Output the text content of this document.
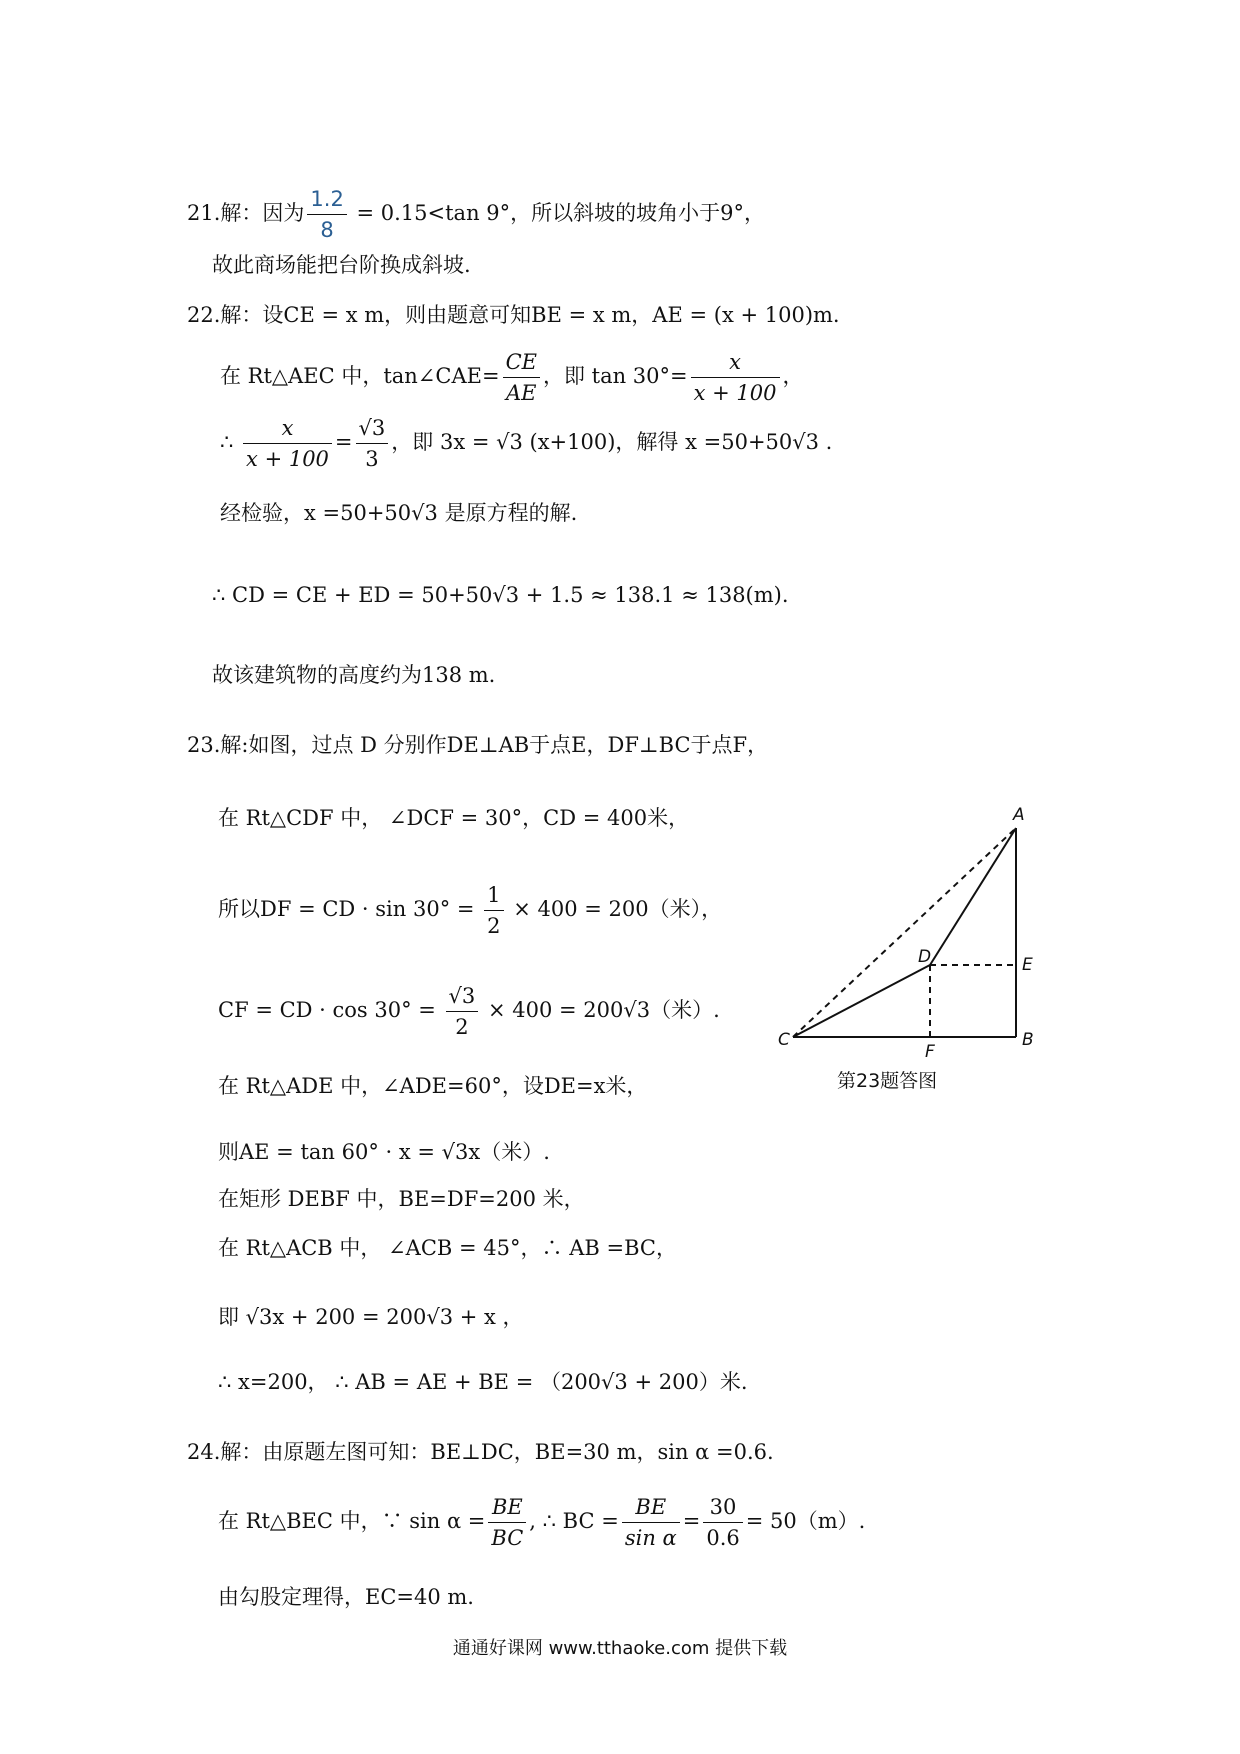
21.解：因为 $\frac{1.2}{8} = 0.15<\tan$ 9°，所以斜坡的坡角小于9°，
故此商场能把台阶换成斜坡.
22.解：设CE = x m，则由题意可知BE = x m，AE = (x + 100)m.
在 Rt△AEC 中，tan∠CAE= $\frac{CE}{AE}$ ，即 $\tan 30^\circ= \frac{x}{x + 100}$ ，
∴ $\frac{x}{x + 100} = \frac{√3}{3}$ ，即 3x = √3 (x+100)，解得 x =50+50√3 .
经检验，x =50+50√3 是原方程的解.
∴ CD = CE + ED = 50+50√3 + 1.5 ≈ 138.1 ≈ 138(m).
故该建筑物的高度约为138 m.
23.解:如图，过点 D 分别作DE⊥AB于点E，DF⊥BC于点F，
在 Rt△CDF 中， ∠DCF = 30°，CD = 400米，
所以DF = CD · $\sin 30^\circ = \frac{1}{2} \times 400 = 200$（米），
CF = CD · $\cos 30^\circ = \frac{√3}{2} \times 400 = 200√3$（米）.
在 Rt△ADE 中，∠ADE=60°，设DE=x米，
则AE = tan 60° · x = √3x（米）.
在矩形 DEBF 中，BE=DF=200 米，
在 Rt△ACB 中， ∠ACB = 45°，∴ AB =BC，
即 √3x + 200 = 200√3 + x ，
∴ x=200， ∴ AB = AE + BE = （200√3 + 200）米.
A
B
C
D	E
F
第23题答图
24.解：由原题左图可知：BE⊥DC，BE=30 m，sin α =0.6.
在 Rt△BEC 中，∵ $\sin \alpha = \frac{BE}{BC}$ , ∴ BC = $\frac{BE}{\text{sin α}} = \frac{30}{0.6} = 50(m)$.
由勾股定理得，EC=40 m.
通通好课网 www.tthaoke.com 提供下载
